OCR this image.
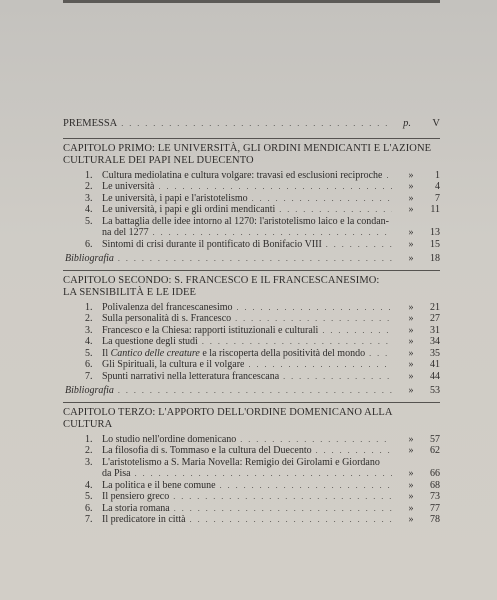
PREMESSA . . .	p.	V
CAPITOLO PRIMO: LE UNIVERSITÀ, GLI ORDINI MENDICANTI E L'AZIONE
CULTURALE DEI PAPI NEL DUECENTO
1. Cultura mediolatina e cultura volgare: travasi ed esclusioni reciproche . . .	»	1
2. Le università . . .	»	4
3. Le università, i papi e l'aristotelismo . . .	»	7
4. Le università, i papi e gli ordini mendicanti . . .	»	11
5. La battaglia delle idee intorno al 1270: l'aristotelismo laico e la condan-
na del 1277 . . .	»	13
6. Sintomi di crisi durante il pontificato di Bonifacio VIII . . .	»	15
Bibliografia . . .	»	18
CAPITOLO SECONDO: S. FRANCESCO E IL FRANCESCANESIMO:
LA SENSIBILITÀ E LE IDEE
1. Polivalenza del francescanesimo . . .	»	21
2. Sulla personalità di s. Francesco . . .	»	27
3. Francesco e la Chiesa: rapporti istituzionali e culturali . . .	»	31
4. La questione degli studi . . .	»	34
5. Il Cantico delle creature e la riscoperta della positività del mondo . . .	»	35
6. Gli Spirituali, la cultura e il volgare . . .	»	41
7. Spunti narrativi nella letteratura francescana . . .	»	44
Bibliografia . . .	»	53
CAPITOLO TERZO: L'APPORTO DELL'ORDINE DOMENICANO ALLA
CULTURA
1. Lo studio nell'ordine domenicano . . .	»	57
2. La filosofia di s. Tommaso e la cultura del Duecento . . .	»	62
3. L'aristotelismo a S. Maria Novella: Remigio dei Girolami e Giordano
da Pisa . . .	»	66
4. La politica e il bene comune . . .	»	68
5. Il pensiero greco . . .	»	73
6. La storia romana . . .	»	77
7. Il predicatore in città . . .	»	78
